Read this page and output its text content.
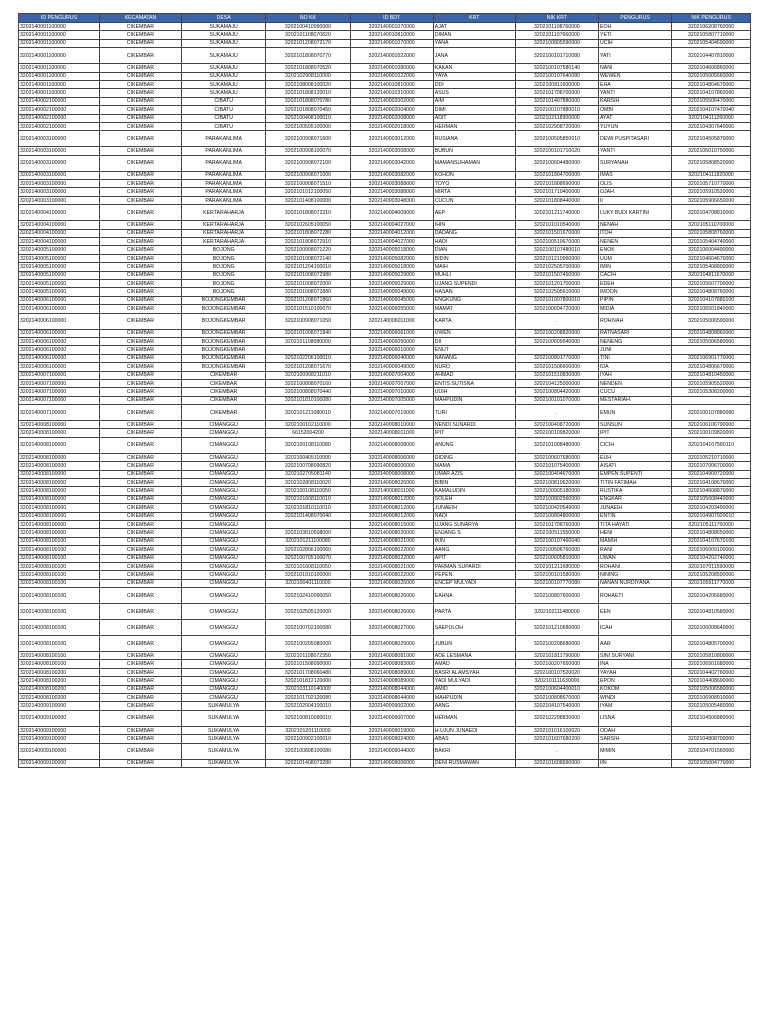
ID PENGURUS	KECAMATAN	DESA	NO KK	ID BDT	KRT	NIK KRT	PENGURUS	NIK PENGURUS
3202140001100000	CIKEMBAR	SUKAMAJU	3202100410090000	3202140001070000	AJAT	3202101108760000	EOH	3202106208760000
3202140001100000	CIKEMBAR	SUKAMAJU	3202101108070820	3202140010810000	DIMAN	3202101107660000	YETI	3202105807710000
3202140001100000	CIKEMBAR	SUKAMAJU	3202101208072170	3202140001070000	YANA	3202100805590000	UCIH	3202105404690000
3202140001100000	CIKEMBAR	SUKAMAJU	3202101808070770	3202140001022000	JANA	3202100101710080	YATI	3202104407810000
3202140001100000	CIKEMBAR	SUKAMAJU	3202101808070520	3202140001080000	KAKAN	3202100107580140	NANI	3202104606860000
3202140001100000	CIKEMBAR	SUKAMAJU	3202102908110000	3202140001022000	YAYA	3202100107640080	WEWEN	3202105005660000
3202140001100000	CIKEMBAR	SUKAMAJU	3202108008100020	3202140010810000	DDI	3202100811600000	EHA	3202104804670000
3202140001100000	CIKEMBAR	SUKAMAJU	3202101808120010	3202140010310000	ASUS	3202101708700000	YANTI	3202104107860090
3202140002100000	CIKEMBAR	CIBATU	3202101808070780	3202140002002000	AIM	3202101407880000	KARSIH	3202105506470000
3202140002100000	CIKEMBAR	CIBATU	3202101808070450	3202140002004000	DIMI	3202100107880010	OMBI	3202104107470040
3202140002100000	CIKEMBAR	CIBATU	3202100408100010	3202140002008000	ADIT	3202102118900000	AYAT	3202104111260000
3202140002100000	CIKEMBAR	CIBATU	3202100505100000	3202140002018000	HERMAN	3202102908720000	YUYUN	3202104307640000
3202140003100000	CIKEMBAR	PARAKANLIMA	3202100908071600	3202140003012000	RUSIANA	3202100505850010	DEWI PUSPITASARI	3202104505870000
3202140003100000	CIKEMBAR	PARAKANLIMA	3202100908100070	3202140003008000	BUBUN	3202100101710020	YANTI	3202105010750000
3202140003100000	CIKEMBAR	PARAKANLIMA	3202100908072100	3202140003042000	MAMANSUHAMAN	3202100604480000	SURYANAH	3202105808520000
3202140003100000	CIKEMBAR	PARAKANLIMA	3202100908071000	3202140003082000	KOHON	3202101804700000	IMAS	3202104111820000
3202140003100000	CIKEMBAR	PARAKANLIMA	3202100908071510	3202140003088000	TOYO	3202101808690000	OLIS	3202105710770000
3202140003100000	CIKEMBAR	PARAKANLIMA	3202101012100050	3202140003088000	MIRTA	3202101710400000	OJAH	3202105910520000
3202140003100000	CIKEMBAR	PARAKANLIMA	3202101408100000	3202140003048000	CUCUN	3202101808440000	II	3202105906650000
3202140004100000	CIKEMBAR	KERTARAHARJA	3202101808072210	3202140004009000	AEP	3202101211740000	LUKY BUDI KARTINI	3202104708810000
3202140004100000	CIKEMBAR	KERTARAHARJA	3202102605100050	3202140004027000	IHIN	3202101010540000	NENAH	3202105110700000
3202140004100000	CIKEMBAR	KERTARAHARJA	3202101808072280	3202140004012000	DADANG	3202101501670000	ITOH	3202105808760000
3202140004100000	CIKEMBAR	KERTARAHARJA	3202101808072910	3202140004027000	HADI	3202100510670000	NENEN	3202105404740000
3202140005100000	CIKEMBAR	BOJONG	3202100908071220	3202140005018000	DIAN	3202100107480010	ENOK	3202106004490000
3202140005100000	CIKEMBAR	BOJONG	3202101008072140	3202140005082000	BIDIN	3202101210960000	UUM	3202104604670000
3202140005100000	CIKEMBAR	BOJONG	3202101204100010	3202140005018000	MAIH	3202102505700000	IMIN	3202105408800000
3202140005100000	CIKEMBAR	BOJONG	3202101008072980	3202140005029000	MUHLI	3202101507450000	CACIH	3202104811670000
3202140005100000	CIKEMBAR	BOJONG	3202101008072000	3202140005029000	UJANG SUPENDI	3202101201700000	EDEH	3202105607700000
3202140005100000	CIKEMBAR	BOJONG	3202101008072880	3202140005049000	HASAN	3202102505610000	IMOON	3202104808760000
3202140006100000	CIKEMBAR	BOJONGKEMBAR	3202101208071860	3202140006045000	ENGKUNG	3202101007800010	PIPIN	3202104107880100
3202140006100000	CIKEMBAR	BOJONGKEMBAR	3202101510100070	3202140006055000	MAMAT	3202100604720000	MIDIA	3202106501840000
3202140006100000	CIKEMBAR	BOJONGKEMBAR	3202100908071050	3202140006011000	KARTA	.	ROHIVAH	3202105006590000
3202140006100000	CIKEMBAR	BOJONGKEMBAR	3202101008071840	3202140006061000	UWEN	3202100208820000	RATNASARI	3202104808860000
3202140006100000	CIKEMBAR	BOJONGKEMBAR	3202101108080000	3202140006050000	DII	3202100609540000	NENENG	3202105006580000
3202140006100000	CIKEMBAR	BOJONGKEMBAR		3202140006010000	ENUT		JUNI	
3202140006100000	CIKEMBAR	BOJONGKEMBAR	3202102206100010	3202140006040000	NANANG	3202100801770000	TINI	3202106901770000
3202140006100000	CIKEMBAR	BOJONGKEMBAR	3202101208071670	3202140006049000	NURO	3202101506600000	IDA	3202104806670000
3202140007100000	CIKEMBAR	CIKEMBAR	3202100908211010	3202140007004000	AHMAD	3202101510830000	IYAH	3202104810450000
3202140007100000	CIKEMBAR	CIKEMBAR	3202100808070160	3202140007007000	ENTIS SUTISNA	3202104125000000	NENDEN	3202105905520000
3202140007100000	CIKEMBAR	CIKEMBAR	3202100808070440	3202140007010000	UUIH	3202100804420000	CUCU	3202105308200000
3202140007100000	CIKEMBAR	CIKEMBAR	3202101810100080	3202140007005000	MAHPUDIN	3202100101070000	MESTARIAH	
3202140007100000	CIKEMBAR	CIKEMBAR	3202101211080010	3202140007019000	TURI	.	EMUN	3202100107880080
3202140008100000	CIKEMBAR	CIMANGGU	3202100102110000	3202140008010000	NENDI SUNARDI	3202100408720000	SUNSUN	3202106106790000
3202140008100000	CIKEMBAR	CIMANGGU	66152004200	3202140008011000	IPIT	3202100109820000	IPIT	3202100109820000
3202140008100000	CIKEMBAR	CIMANGGU	3202100108110080	3202140008008000	ANUNG	3202101008480000	CICIH	3202104107580110
3202140008100000	CIKEMBAR	CIMANGGU	3202100405110000	3202140008006000	DIDING	3202100607680000	EUH	3202105210710000
3202140008100000	CIKEMBAR	CIMANGGU	3202100708090820	3202140008006000	MAMA	3202101075400000	AISATI	3202107006700000
3202140008100000	CIKEMBAR	CIMANGGU	3202102705081140	3202140008008000	UMAR AZIS	3202100404670000	EMPEN SUPENTI	3202104909720000
3202140008100000	CIKEMBAR	CIMANGGU	3202102808110020	3202140008026000	BIBIN	3202100810620000	TITIN FATIMAH	3202104108670000
3202140008100000	CIKEMBAR	CIMANGGU	3202100108110050	3202140008011000	KAMALUDIN	3202100905180000	RUSTIKA	3202104608870000
3202140008100000	CIKEMBAR	CIMANGGU	3202101608110010	3202140008012000	SOLEH	3202100802560000	ENGKAR	3202105608440000
3202140008100000	CIKEMBAR	CIMANGGU	3202101810110010	3202140008012000	JUNAEIH	3202100420549000	JUNAEIH	3202104203490000
3202140008100000	CIKEMBAR	CIMANGGU	3202101408070040	3202140008012000	NADI	3202100804800000	ENTIN	3202104907920010
3202140008100000	CIKEMBAR	CIMANGGU		3202140008015000	UJANG SUNARYA	3202101708760000	TITA HAYATI	3202105111750000
3202140008100000	CIKEMBAR	CIMANGGU	3202103810508000	3202140008020000	ENJANG S	3202100511550000	HENI	3202104808650000
3202140008100100	CIKEMBAR	CIMANGGU	3202101211100080	3202140008021000	IKIN	3202100107460040	MAMIH	3202104107670100
3202140008100100	CIKEMBAR	CIMANGGU	3202102806100060	3202140008022000	AANG	3202100506760000	RANI	3202106009100000
3202140008100100	CIKEMBAR	CIMANGGU	3202100705100070	3202140008022000	APIT	3202100605810000	UWAN	3202104202740000
3202140008100100	CIKEMBAR	CIMANGGU	3202101608110050	3202140008021000	PARMAN SUPARDI	3202101211680000	ROHANI	3202107011590000
3202140008100100	CIKEMBAR	CIMANGGU	3202101910100000	3202140008022000	PEPEN	3202100101580000	NINING	3202105208590000
3202140008100100	CIKEMBAR	CIMANGGU	3202100401110000	3202140008025000	ENCEP MULYADI	3202100107770080	NANAN NURDIYANA	3202105911770000
3202140008100100	CIKEMBAR	CIMANGGU	3202102410090050	3202140008026000	EAHNA	3202100807600000	ROHAETI	3202104206680000
3202140008100100	CIKEMBAR	CIMANGGU	3202102505120000	3202140008026000	PARTA	3202102111480000	EEN	3202104810580000
3202140008100100	CIKEMBAR	CIMANGGU	3202100702100080	3202140008027000	SAEPULOH	3202101210680000	ICAH	3202106008640000
3202140008100100	CIKEMBAR	CIMANGGU	3202100205080000	3202140008029000	JUBUN	3202100208680000	AAR	3202104805700000
3202140008100100	CIKEMBAR	CIMANGGU	3202101108072350	3202140008081000	ADE LESMANA	3202101811790000	SINI SURYANI	3202105810800000
3202140008100100	CIKEMBAR	CIMANGGU	3202101508090000	3202140008083000	AMAD	3202100207650000	INA	3202106501680000
3202140008100200	CIKEMBAR	CIMANGGU	3202101708060480	3202140008089000	BASRI ALAMSYAH	3202100107520020	YAYAH	3202104402760000
3202140008100200	CIKEMBAR	CIMANGGU	3202101812120000	3202140008089000	YADI MULYADI	3202101111630000	EPON	3202104408690000
3202140008100200	CIKEMBAR	CIMANGGU	3202103110140000	3202140008044000	AMID	3202100604400010	KOKOM	3202105006580000
3202140008100200	CIKEMBAR	CIMANGGU	3202101702120080	3202140008044000	MAHPUDIN	3202100808670000	WINDI	3202106908910000
3202140009100000	CIKEMBAR	SUKAMULYA	3202102004100010	3202140009002000	AANG	3202104107540000	IYAM	3202105005480000
3202140009100000	CIKEMBAR	SUKAMULYA	3202100810090010	3202140009007000	HERMAN	3202102208830000	LISNA	3202104506880000
3202140009100000	CIKEMBAR	SUKAMULYA	3202101201110000	3202140009019000	H.UJUN JUNAEDI	3202101016100020	ODAH	.
3202140009100000	CIKEMBAR	SUKAMULYA	3202100902100010	3202140009024000	ABAS	3202101607680200	SARSIH	3202104808700000
3202140009100000	CIKEMBAR	SUKAMULYA	3202100808100080	3202140009044000	BAKRI	.	MIMIN	3202104701560000
3202140009100000	CIKEMBAR	SUKAMULYA	3202101408072280	3202140009006000	DENI RUSMAWAN	3202101608690000	IIN	3202105004770000
